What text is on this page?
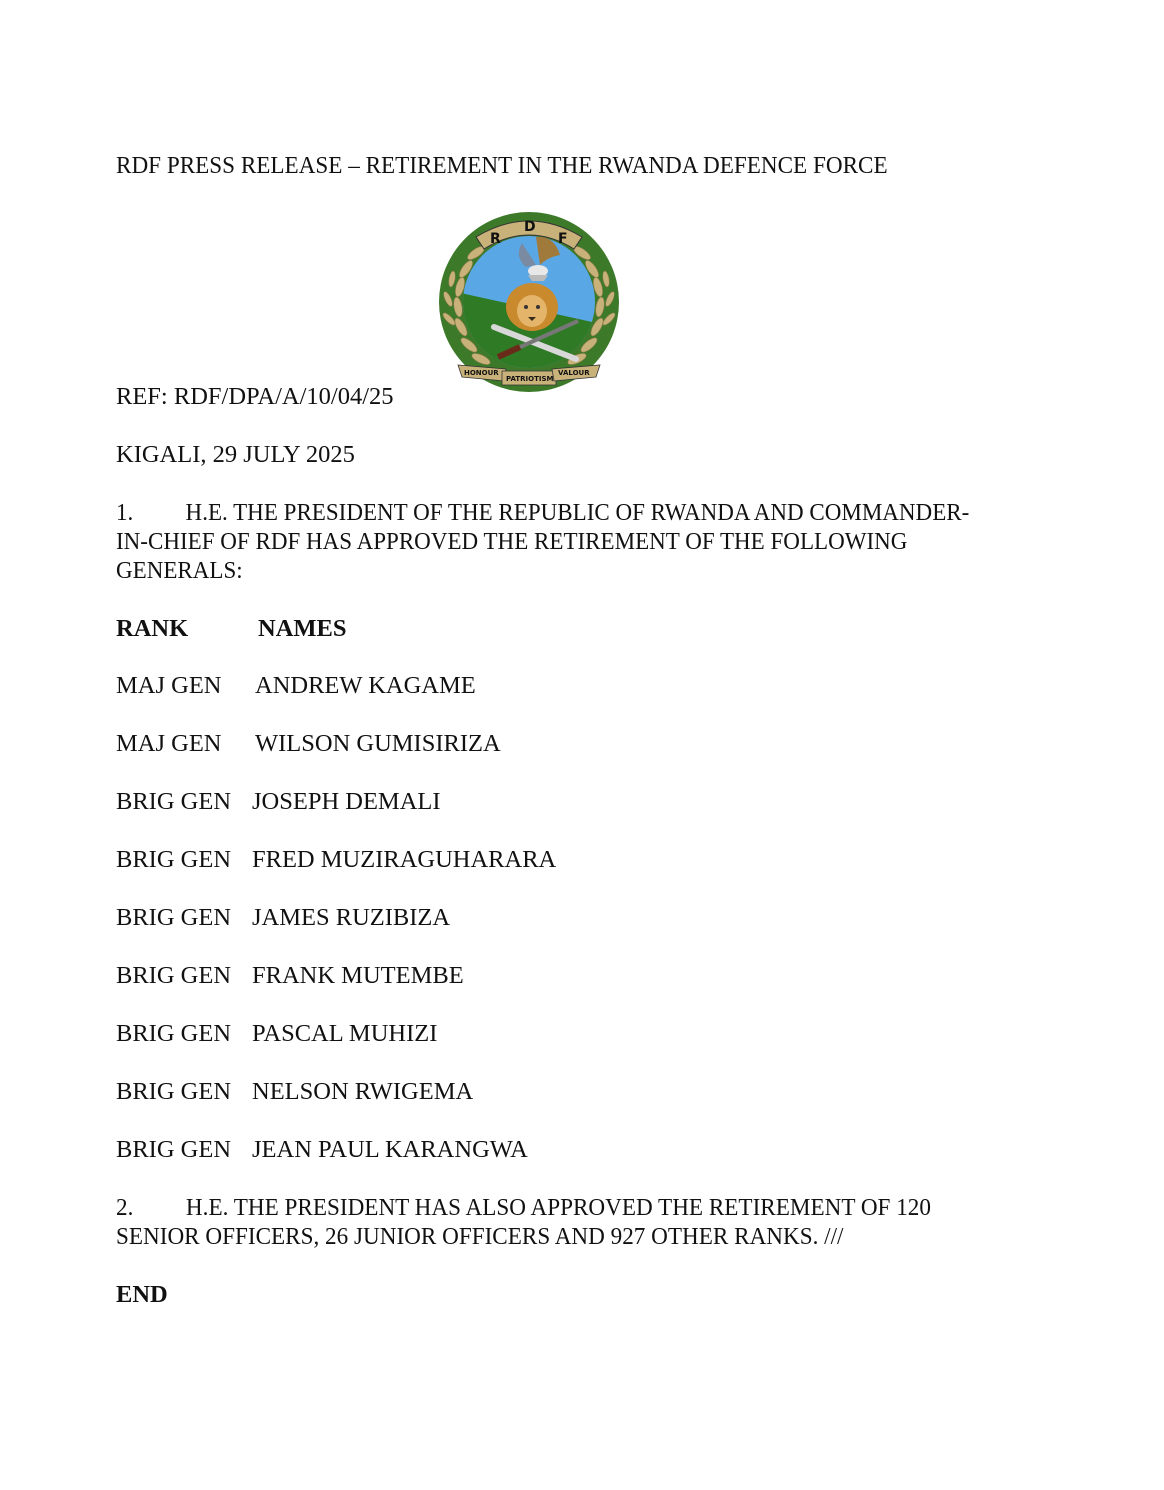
RDF PRESS RELEASE – RETIREMENT IN THE RWANDA DEFENCE FORCE
R
D
F
HONOUR
PATRIOTISM
VALOUR
REF: RDF/DPA/A/10/04/25
KIGALI, 29 JULY 2025
1. H.E. THE PRESIDENT OF THE REPUBLIC OF RWANDA AND COMMANDER-
IN-CHIEF OF RDF HAS APPROVED THE RETIREMENT OF THE FOLLOWING
GENERALS:
RANK	NAMES
MAJ GEN ANDREW KAGAME
MAJ GEN WILSON GUMISIRIZA
BRIG GEN JOSEPH DEMALI
BRIG GEN FRED MUZIRAGUHARARA
BRIG GEN JAMES RUZIBIZA
BRIG GEN FRANK MUTEMBE
BRIG GEN PASCAL MUHIZI
BRIG GEN NELSON RWIGEMA
BRIG GEN JEAN PAUL KARANGWA
2. H.E. THE PRESIDENT HAS ALSO APPROVED THE RETIREMENT OF 120
SENIOR OFFICERS, 26 JUNIOR OFFICERS AND 927 OTHER RANKS. ///
END
